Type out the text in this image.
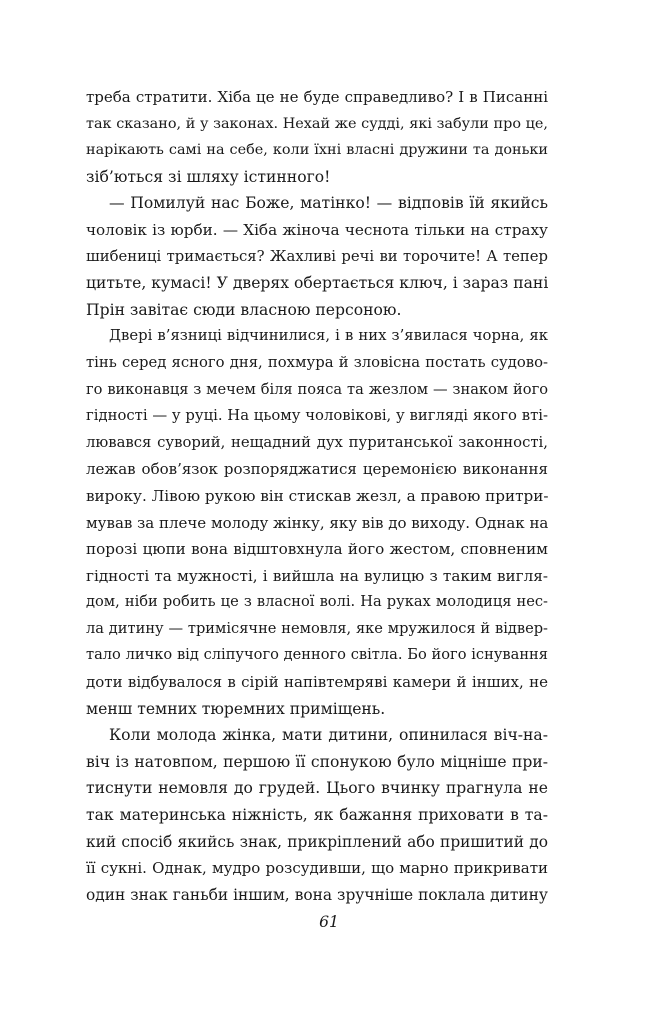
треба стратити. Хіба це не буде справедливо? І в Писанні
так сказано, й у законах. Нехай же судді, які забули про це,
нарікають самі на себе, коли їхні власні дружини та доньки
зіб’ються зі шляху істинного!
— Помилуй нас Боже, матінко! — відповів їй якийсь
чоловік із юрби. — Хіба жіноча чеснота тільки на страху
шибениці тримається? Жахливі речі ви торочите! А тепер
цитьте, кумасі! У дверях обертається ключ, і зараз пані
Прін завітає сюди власною персоною.
Двері в’язниці відчинилися, і в них з’явилася чорна, як
тінь серед ясного дня, похмура й зловісна постать судово-
го виконавця з мечем біля пояса та жезлом — знаком його
гідності — у руці. На цьому чоловікові, у вигляді якого вті-
лювався суворий, нещадний дух пуританської законності,
лежав обов’язок розпоряджатися церемонією виконання
вироку. Лівою рукою він стискав жезл, а правою притри-
мував за плече молоду жінку, яку вів до виходу. Однак на
порозі цюпи вона відштовхнула його жестом, сповненим
гідності та мужності, і вийшла на вулицю з таким вигля-
дом, ніби робить це з власної волі. На руках молодиця нес-
ла дитину — тримісячне немовля, яке мружилося й відвер-
тало личко від сліпучого денного світла. Бо його існування
доти відбувалося в сірій напівтемряві камери й інших, не
менш темних тюремних приміщень.
Коли молода жінка, мати дитини, опинилася віч-на-
віч із натовпом, першою її спонукою було міцніше при-
тиснути немовля до грудей. Цього вчинку прагнула не
так материнська ніжність, як бажання приховати в та-
кий спосіб якийсь знак, прикріплений або пришитий до
її сукні. Однак, мудро розсудивши, що марно прикривати
один знак ганьби іншим, вона зручніше поклала дитину
61
